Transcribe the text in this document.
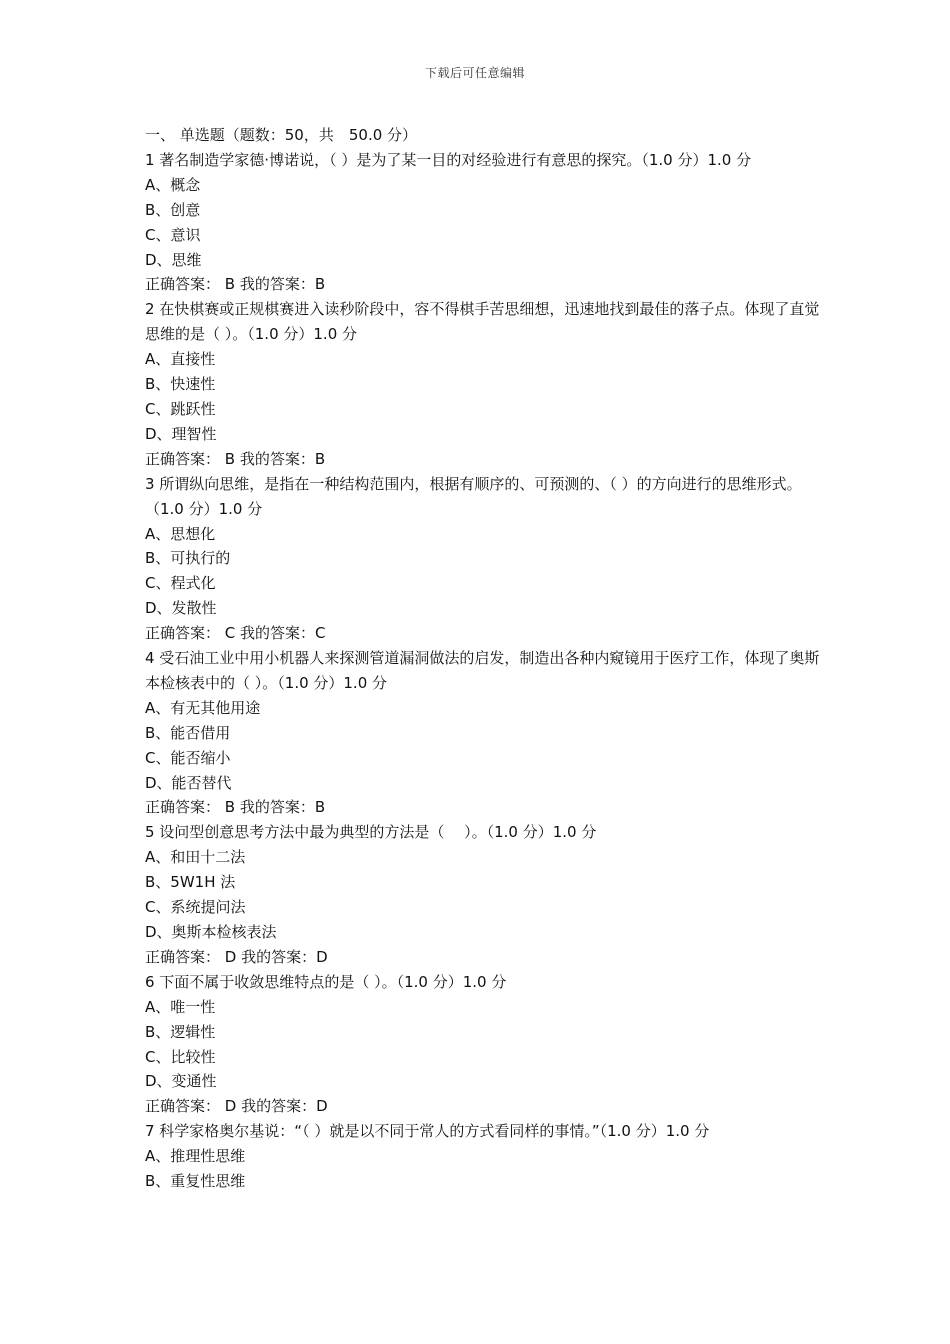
下载后可任意编辑
一、 单选题（题数：50，共　50.0 分）
1 著名制造学家德·博诺说，（ ）是为了某一目的对经验进行有意思的探究。（1.0 分）1.0 分
A、概念
B、创意
C、意识
D、思维
正确答案： B 我的答案：B
2 在快棋赛或正规棋赛进入读秒阶段中，容不得棋手苦思细想，迅速地找到最佳的落子点。体现了直觉思维的是（ ）。（1.0 分）1.0 分
A、直接性
B、快速性
C、跳跃性
D、理智性
正确答案： B 我的答案：B
3 所谓纵向思维，是指在一种结构范围内，根据有顺序的、可预测的、（ ）的方向进行的思维形式。（1.0 分）1.0 分
A、思想化
B、可执行的
C、程式化
D、发散性
正确答案： C 我的答案：C
4 受石油工业中用小机器人来探测管道漏洞做法的启发，制造出各种内窥镜用于医疗工作，体现了奥斯本检核表中的（ ）。（1.0 分）1.0 分
A、有无其他用途
B、能否借用
C、能否缩小
D、能否替代
正确答案： B 我的答案：B
5 设问型创意思考方法中最为典型的方法是（　 ）。（1.0 分）1.0 分
A、和田十二法
B、5W1H 法
C、系统提问法
D、奥斯本检核表法
正确答案： D 我的答案：D
6 下面不属于收敛思维特点的是（ ）。（1.0 分）1.0 分
A、唯一性
B、逻辑性
C、比较性
D、变通性
正确答案： D 我的答案：D
7 科学家格奥尔基说：“（ ）就是以不同于常人的方式看同样的事情。”（1.0 分）1.0 分
A、推理性思维
B、重复性思维
